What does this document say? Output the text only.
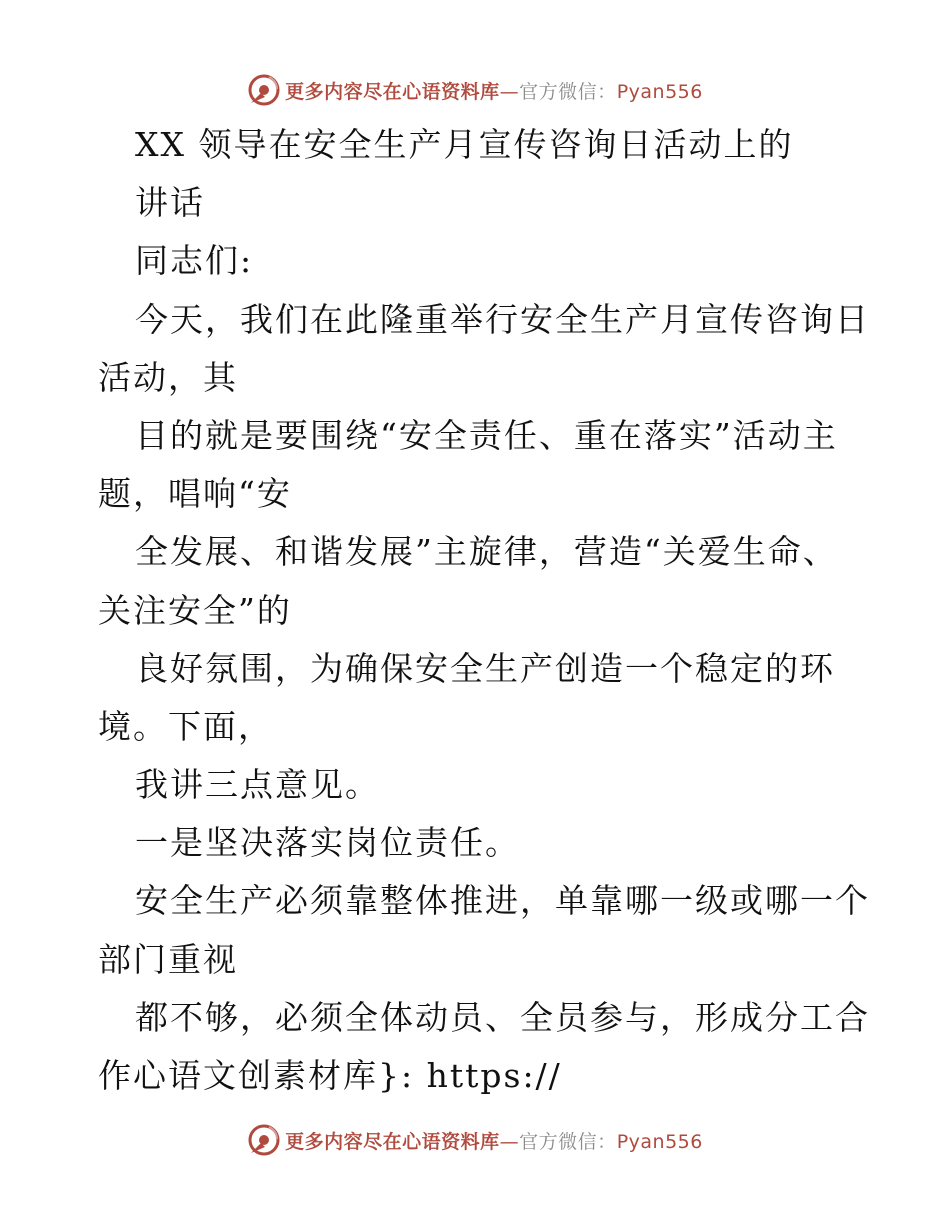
更多内容尽在心语资料库—官方微信：Pyan556
XX 领导在安全生产月宣传咨询日活动上的
讲话
同志们:
今天，我们在此隆重举行安全生产月宣传咨询日
活动，其
目的就是要围绕“安全责任、重在落实”活动主
题，唱响“安
全发展、和谐发展”主旋律，营造“关爱生命、
关注安全”的
良好氛围，为确保安全生产创造一个稳定的环
境。下面，
我讲三点意见。
一是坚决落实岗位责任。
安全生产必须靠整体推进，单靠哪一级或哪一个
部门重视
都不够，必须全体动员、全员参与，形成分工合
作心语文创素材库}: https://
更多内容尽在心语资料库—官方微信：Pyan556
